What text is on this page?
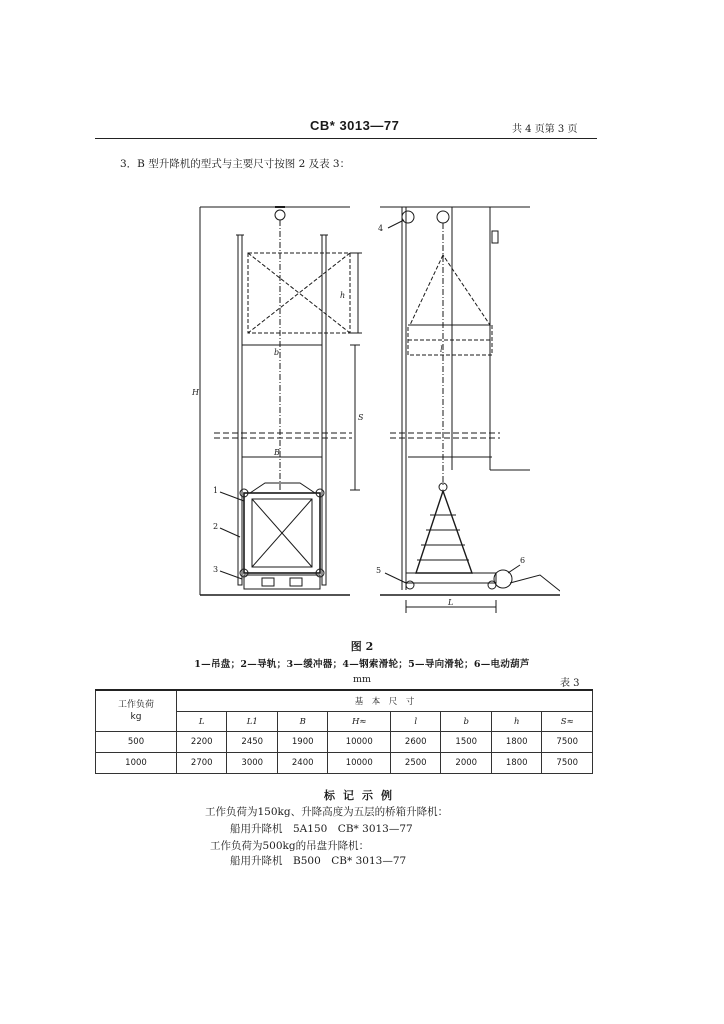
CB* 3013—77	共 4 页第 3 页
3．B 型升降机的型式与主要尺寸按图 2 及表 3：
h
b
S
H
B
1
2
3
l
L
4
5
6
图 2
1—吊盘；2—导轨；3—缓冲器；4—钢索滑轮；5—导向滑轮；6—电动葫芦
mm	表 3
工作负荷
kg	基　本　尺　寸							
	L	L1	B	H≈	l	b	h	S≈
500	2200	2450	1900	10000	2600	1500	1800	7500
1000	2700	3000	2400	10000	2500	2000	1800	7500
标记示例
工作负荷为150kg、升降高度为五层的桥箱升降机：
船用升降机　5A150　CB* 3013—77
工作负荷为500kg的吊盘升降机：
船用升降机　B500　CB* 3013—77
